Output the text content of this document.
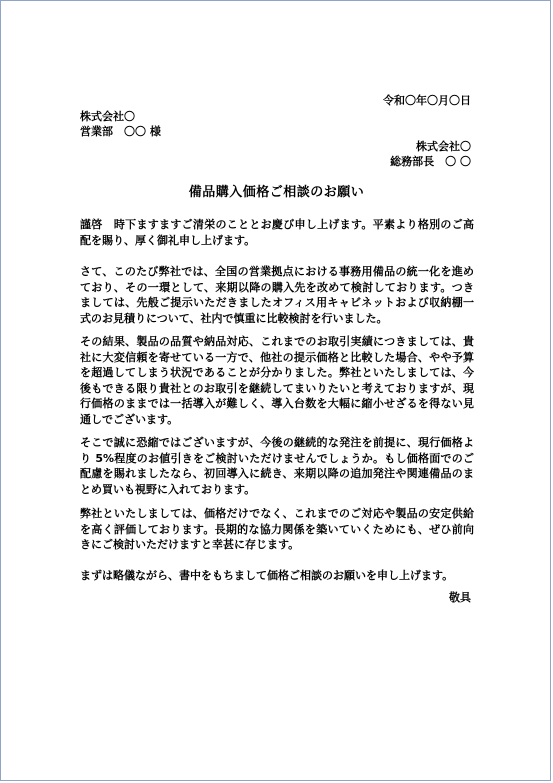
令和〇年〇月〇日
株式会社〇
営業部　〇〇 様
株式会社〇
総務部長　〇 〇
備品購入価格ご相談のお願い
謹啓　時下ますますご清栄のこととお慶び申し上げます。平素より格別のご高配を賜り、厚く御礼申し上げます。
さて、このたび弊社では、全国の営業拠点における事務用備品の統一化を進めており、その一環として、来期以降の購入先を改めて検討しております。つきましては、先般ご提示いただきましたオフィス用キャビネットおよび収納棚一式のお見積りについて、社内で慎重に比較検討を行いました。
その結果、製品の品質や納品対応、これまでのお取引実績につきましては、貴社に大変信頼を寄せている一方で、他社の提示価格と比較した場合、やや予算を超過してしまう状況であることが分かりました。弊社といたしましては、今後もできる限り貴社とのお取引を継続してまいりたいと考えておりますが、現行価格のままでは一括導入が難しく、導入台数を大幅に縮小せざるを得ない見通しでございます。
そこで誠に恐縮ではございますが、今後の継続的な発注を前提に、現行価格より 5%程度のお値引きをご検討いただけませんでしょうか。もし価格面でのご配慮を賜れましたなら、初回導入に続き、来期以降の追加発注や関連備品のまとめ買いも視野に入れております。
弊社といたしましては、価格だけでなく、これまでのご対応や製品の安定供給を高く評価しております。長期的な協力関係を築いていくためにも、ぜひ前向きにご検討いただけますと幸甚に存じます。
まずは略儀ながら、書中をもちまして価格ご相談のお願いを申し上げます。
敬具
